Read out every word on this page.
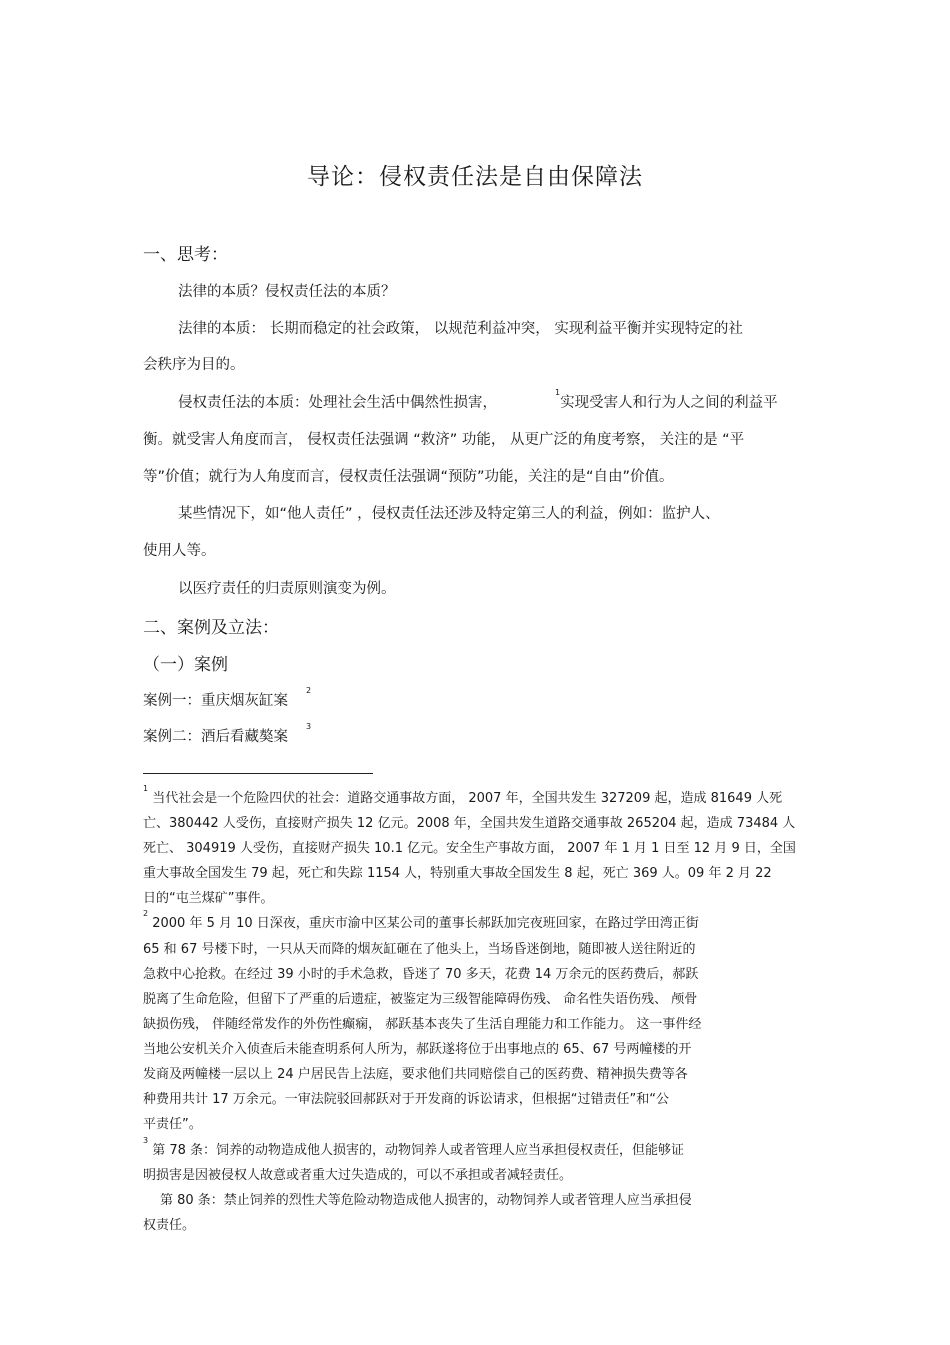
导论：侵权责任法是自由保障法
一、思考：
法律的本质？侵权责任法的本质？
法律的本质： 长期而稳定的社会政策， 以规范利益冲突， 实现利益平衡并实现特定的社
会秩序为目的。
侵权责任法的本质：处理社会生活中偶然性损害，$^1$实现受害人和行为人之间的利益平
衡。就受害人角度而言， 侵权责任法强调 “救济” 功能， 从更广泛的角度考察， 关注的是 “平
等”价值；就行为人角度而言，侵权责任法强调“预防”功能，关注的是“自由”价值。
某些情况下，如“他人责任” ，侵权责任法还涉及特定第三人的利益，例如：监护人、
使用人等。
以医疗责任的归责原则演变为例。
二、案例及立法：
（一）案例
案例一：重庆烟灰缸案$^2$
案例二：酒后看藏獒案$^3$
$^1$ 当代社会是一个危险四伏的社会：道路交通事故方面， 2007 年，全国共发生 327209 起，造成 81649 人死
亡、380442 人受伤，直接财产损失 12 亿元。2008 年，全国共发生道路交通事故 265204 起，造成 73484 人
死亡、 304919 人受伤，直接财产损失 10.1 亿元。安全生产事故方面， 2007 年 1 月 1 日至 12 月 9 日，全国
重大事故全国发生 79 起，死亡和失踪 1154 人，特别重大事故全国发生 8 起，死亡 369 人。09 年 2 月 22
日的“屯兰煤矿”事件。
$^2$ 2000 年 5 月 10 日深夜，重庆市渝中区某公司的董事长郝跃加完夜班回家，在路过学田湾正街
65 和 67 号楼下时，一只从天而降的烟灰缸砸在了他头上，当场昏迷倒地，随即被人送往附近的
急救中心抢救。在经过 39 小时的手术急救，昏迷了 70 多天，花费 14 万余元的医药费后，郝跃
脱离了生命危险，但留下了严重的后遗症，被鉴定为三级智能障碍伤残、 命名性失语伤残、 颅骨
缺损伤残， 伴随经常发作的外伤性癫痫， 郝跃基本丧失了生活自理能力和工作能力。 这一事件经
当地公安机关介入侦查后未能查明系何人所为，郝跃遂将位于出事地点的 65、67 号两幢楼的开
发商及两幢楼一层以上 24 户居民告上法庭，要求他们共同赔偿自己的医药费、精神损失费等各
种费用共计 17 万余元。一审法院驳回郝跃对于开发商的诉讼请求，但根据“过错责任”和“公
平责任”。
$^3$ 第 78 条：饲养的动物造成他人损害的，动物饲养人或者管理人应当承担侵权责任，但能够证
明损害是因被侵权人故意或者重大过失造成的，可以不承担或者减轻责任。
第 80 条：禁止饲养的烈性犬等危险动物造成他人损害的，动物饲养人或者管理人应当承担侵
权责任。
